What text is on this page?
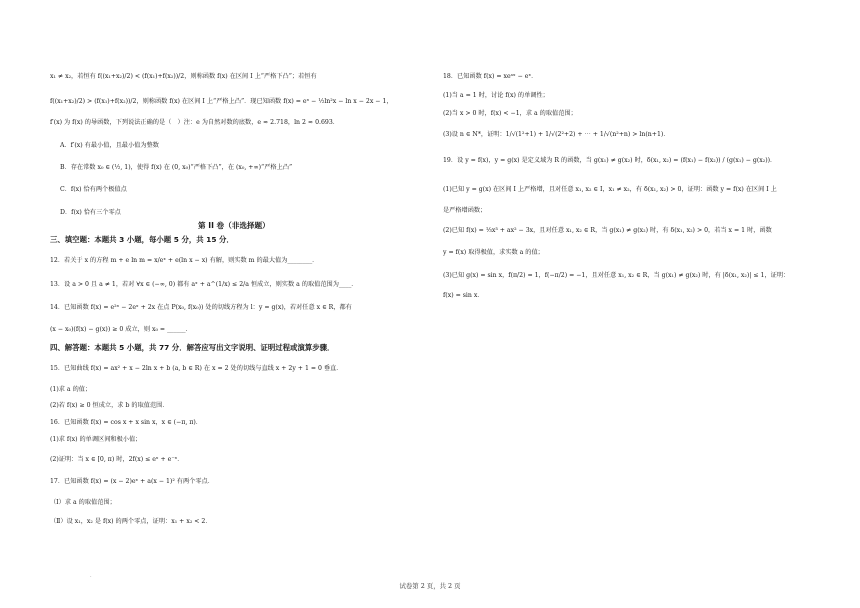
x₁ ≠ x₂，若恒有 f((x₁+x₂)/2) < (f(x₁)+f(x₂))/2，则称函数 f(x) 在区间 I 上“严格下凸”；若恒有
f((x₁+x₂)/2) > (f(x₁)+f(x₂))/2，则称函数 f(x) 在区间 I 上“严格上凸”．现已知函数 f(x) = eˣ − ½ln²x − ln x − 2x − 1，
f′(x) 为 f(x) 的导函数，下列说法正确的是（　）注：e 为自然对数的底数，e ≈ 2.718，ln 2 ≈ 0.693．
A．f′(x) 有最小值，且最小值为整数
B．存在常数 x₀ ∈ (½, 1)，使得 f(x) 在 (0, x₀)“严格下凸”，在 (x₀, +∞)“严格上凸”
C．f(x) 恰有两个极值点
D．f(x) 恰有三个零点
第 II 卷（非选择题）
三、填空题：本题共 3 小题，每小题 5 分，共 15 分．
12．若关于 x 的方程 m + e ln m = x/eˣ + e(ln x − x) 有解，则实数 m 的最大值为________．
13．设 a > 0 且 a ≠ 1，若对 ∀x ∈ (−∞, 0) 都有 aˣ + a^(1/x) ≤ 2/a 恒成立，则实数 a 的取值范围为____．
14．已知函数 f(x) = e²ˣ − 2eˣ + 2x 在点 P(x₀, f(x₀)) 处的切线方程为 l：y = g(x)，若对任意 x ∈ R，都有
(x − x₀)(f(x) − g(x)) ≥ 0 成立，则 x₀ = ______．
四、解答题：本题共 5 小题，共 77 分．解答应写出文字说明、证明过程或演算步骤．
15．已知曲线 f(x) = ax² + x − 2ln x + b (a, b ∈ R) 在 x = 2 处的切线与直线 x + 2y + 1 = 0 垂直．
(1)求 a 的值；
(2)若 f(x) ≥ 0 恒成立，求 b 的取值范围．
16．已知函数 f(x) = cos x + x sin x，x ∈ (−π, π)．
(1)求 f(x) 的单调区间和极小值；
(2)证明：当 x ∈ [0, π) 时，2f(x) ≤ eˣ + e⁻ˣ．
17．已知函数 f(x) = (x − 2)eˣ + a(x − 1)² 有两个零点．
（Ⅰ）求 a 的取值范围；
（Ⅱ）设 x₁，x₂ 是 f(x) 的两个零点，证明：x₁ + x₂ < 2．
18．已知函数 f(x) = xeᵃˣ − eˣ．
(1)当 a = 1 时，讨论 f(x) 的单调性；
(2)当 x > 0 时，f(x) < −1，求 a 的取值范围；
(3)设 n ∈ N*，证明：1/√(1²+1) + 1/√(2²+2) + ⋯ + 1/√(n²+n) > ln(n+1)．
19．设 y = f(x)，y = g(x) 是定义域为 R 的函数，当 g(x₁) ≠ g(x₂) 时，δ(x₁, x₂) = (f(x₁) − f(x₂)) / (g(x₁) − g(x₂))．
(1)已知 y = g(x) 在区间 I 上严格增，且对任意 x₁, x₂ ∈ I，x₁ ≠ x₂，有 δ(x₁, x₂) > 0，证明：函数 y = f(x) 在区间 I 上
是严格增函数；
(2)已知 f(x) = ⅓x³ + ax² − 3x，且对任意 x₁, x₂ ∈ R，当 g(x₁) ≠ g(x₂) 时，有 δ(x₁, x₂) > 0，若当 x = 1 时，函数
y = f(x) 取得极值，求实数 a 的值；
(3)已知 g(x) = sin x，f(π/2) = 1，f(−π/2) = −1，且对任意 x₁, x₂ ∈ R，当 g(x₁) ≠ g(x₂) 时，有 |δ(x₁, x₂)| ≤ 1，证明：
f(x) = sin x．
.
试卷第 2 页，共 2 页
